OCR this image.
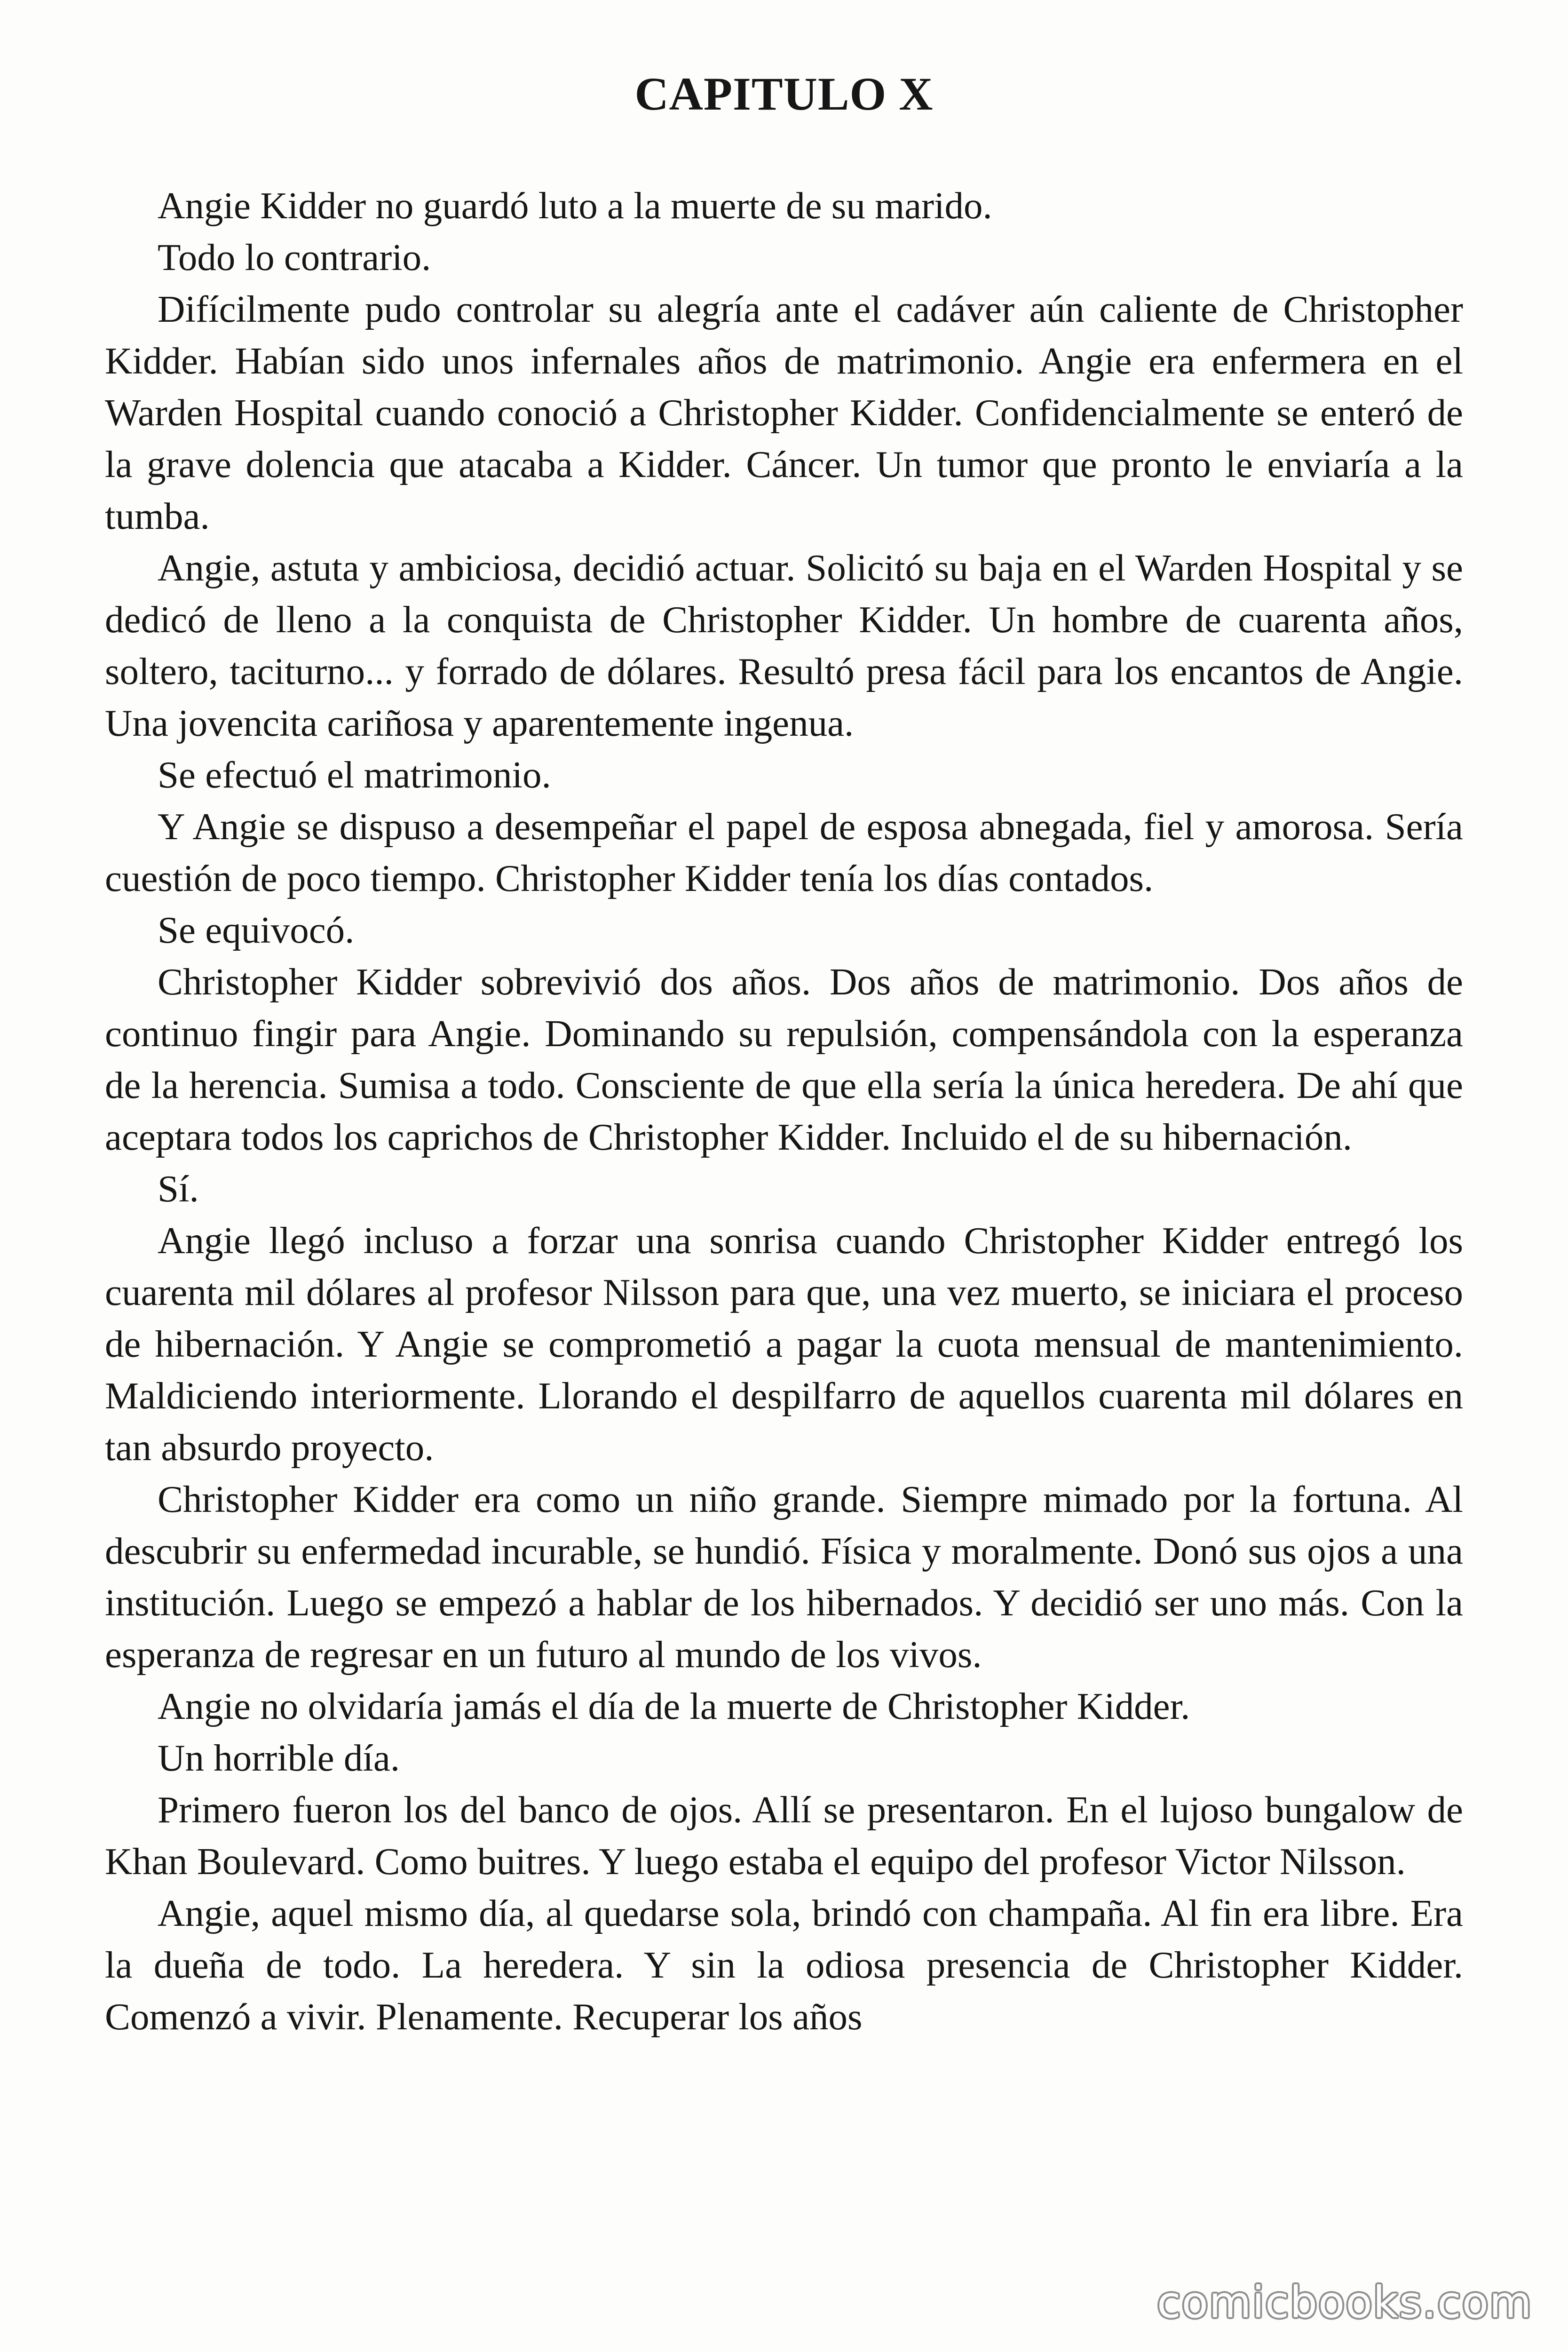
CAPITULO X

Angie Kidder no guardó luto a la muerte de su marido.

Todo lo contrario.

Difícilmente pudo controlar su alegría ante el cadáver aún caliente de Christopher Kidder. Habían sido unos infernales años de matrimonio. Angie era enfermera en el Warden Hospital cuando conoció a Christopher Kidder. Confidencialmente se enteró de la grave dolencia que atacaba a Kidder. Cáncer. Un tumor que pronto le enviaría a la tumba.

Angie, astuta y ambiciosa, decidió actuar. Solicitó su baja en el Warden Hospital y se dedicó de lleno a la conquista de Christopher Kidder. Un hombre de cuarenta años, soltero, taciturno... y forrado de dólares. Resultó presa fácil para los encantos de Angie. Una jovencita cariñosa y aparentemente ingenua.

Se efectuó el matrimonio.

Y Angie se dispuso a desempeñar el papel de esposa abnegada, fiel y amorosa. Sería cuestión de poco tiempo. Christopher Kidder tenía los días contados.

Se equivocó.

Christopher Kidder sobrevivió dos años. Dos años de matrimonio. Dos años de continuo fingir para Angie. Dominando su repulsión, compensándola con la esperanza de la herencia. Sumisa a todo. Consciente de que ella sería la única heredera. De ahí que aceptara todos los caprichos de Christopher Kidder. Incluido el de su hibernación.

Sí.

Angie llegó incluso a forzar una sonrisa cuando Christopher Kidder entregó los cuarenta mil dólares al profesor Nilsson para que, una vez muerto, se iniciara el proceso de hibernación. Y Angie se comprometió a pagar la cuota mensual de mantenimiento. Maldiciendo interiormente. Llorando el despilfarro de aquellos cuarenta mil dólares en tan absurdo proyecto.

Christopher Kidder era como un niño grande. Siempre mimado por la fortuna. Al descubrir su enfermedad incurable, se hundió. Física y moralmente. Donó sus ojos a una institución. Luego se empezó a hablar de los hibernados. Y decidió ser uno más. Con la esperanza de regresar en un futuro al mundo de los vivos.

Angie no olvidaría jamás el día de la muerte de Christopher Kidder.

Un horrible día.

Primero fueron los del banco de ojos. Allí se presentaron. En el lujoso bungalow de Khan Boulevard. Como buitres. Y luego estaba el equipo del profesor Victor Nilsson.

Angie, aquel mismo día, al quedarse sola, brindó con champaña. Al fin era libre. Era la dueña de todo. La heredera. Y sin la odiosa presencia de Christopher Kidder. Comenzó a vivir. Plenamente. Recuperar los años

comicbooks.com
